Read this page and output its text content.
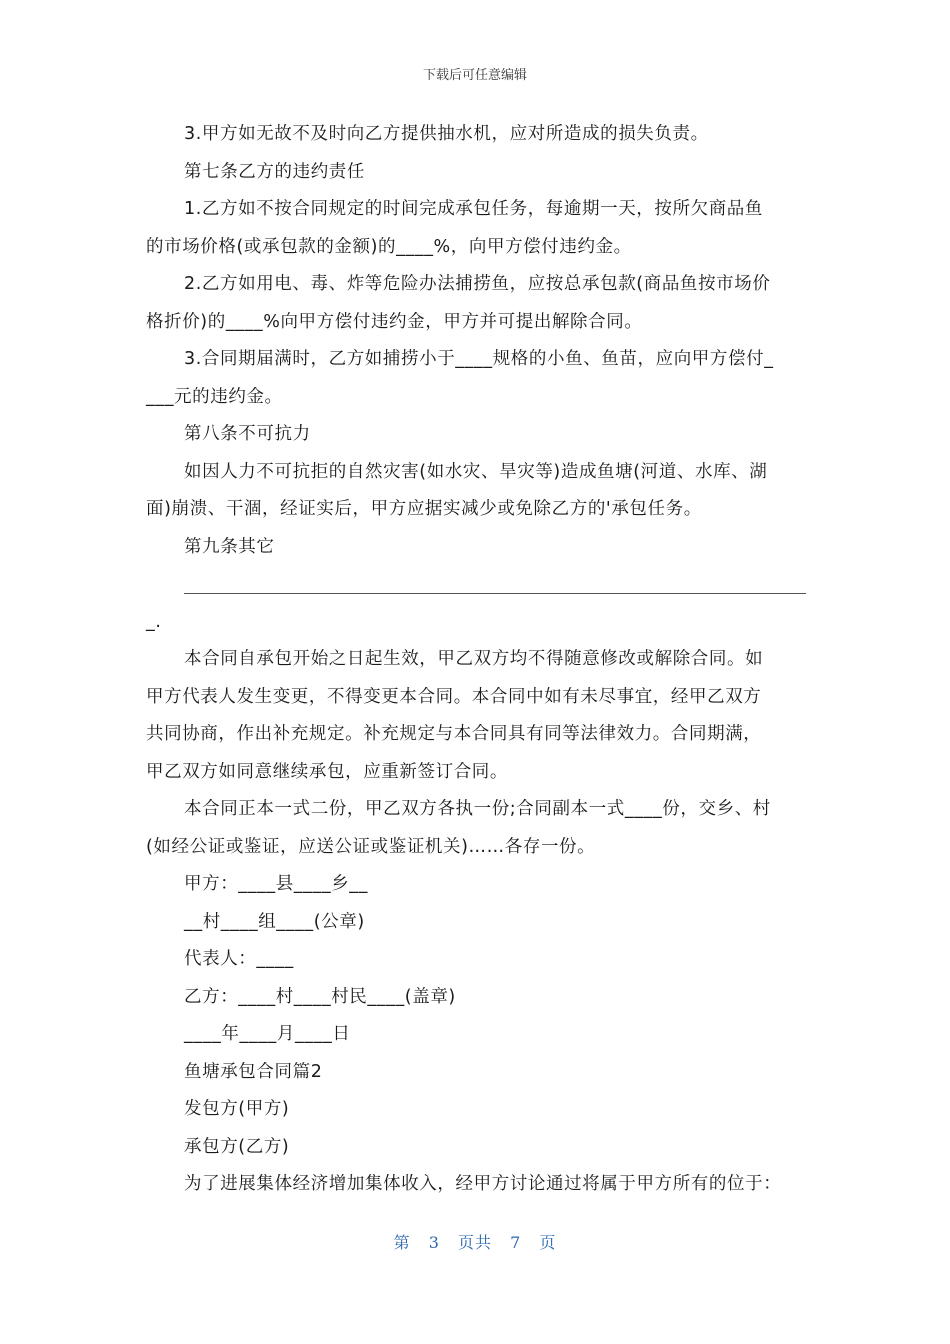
下载后可任意编辑
3.甲方如无故不及时向乙方提供抽水机，应对所造成的损失负责。
第七条乙方的违约责任
1.乙方如不按合同规定的时间完成承包任务，每逾期一天，按所欠商品鱼
的市场价格(或承包款的金额)的____%，向甲方偿付违约金。
2.乙方如用电、毒、炸等危险办法捕捞鱼，应按总承包款(商品鱼按市场价
格折价)的____%向甲方偿付违约金，甲方并可提出解除合同。
3.合同期届满时，乙方如捕捞小于____规格的小鱼、鱼苗，应向甲方偿付_
___元的违约金。
第八条不可抗力
如因人力不可抗拒的自然灾害(如水灾、旱灾等)造成鱼塘(河道、水库、湖
面)崩溃、干涸，经证实后，甲方应据实减少或免除乙方的'承包任务。
第九条其它
_.
本合同自承包开始之日起生效，甲乙双方均不得随意修改或解除合同。如
甲方代表人发生变更，不得变更本合同。本合同中如有未尽事宜，经甲乙双方
共同协商，作出补充规定。补充规定与本合同具有同等法律效力。合同期满，
甲乙双方如同意继续承包，应重新签订合同。
本合同正本一式二份，甲乙双方各执一份;合同副本一式____份，交乡、村
(如经公证或鉴证，应送公证或鉴证机关)……各存一份。
甲方：____县____乡__
__村____组____(公章)
代表人：____
乙方：____村____村民____(盖章)
____年____月____日
鱼塘承包合同篇2
发包方(甲方)
承包方(乙方)
为了进展集体经济增加集体收入，经甲方讨论通过将属于甲方所有的位于：
第 3 页共 7 页
